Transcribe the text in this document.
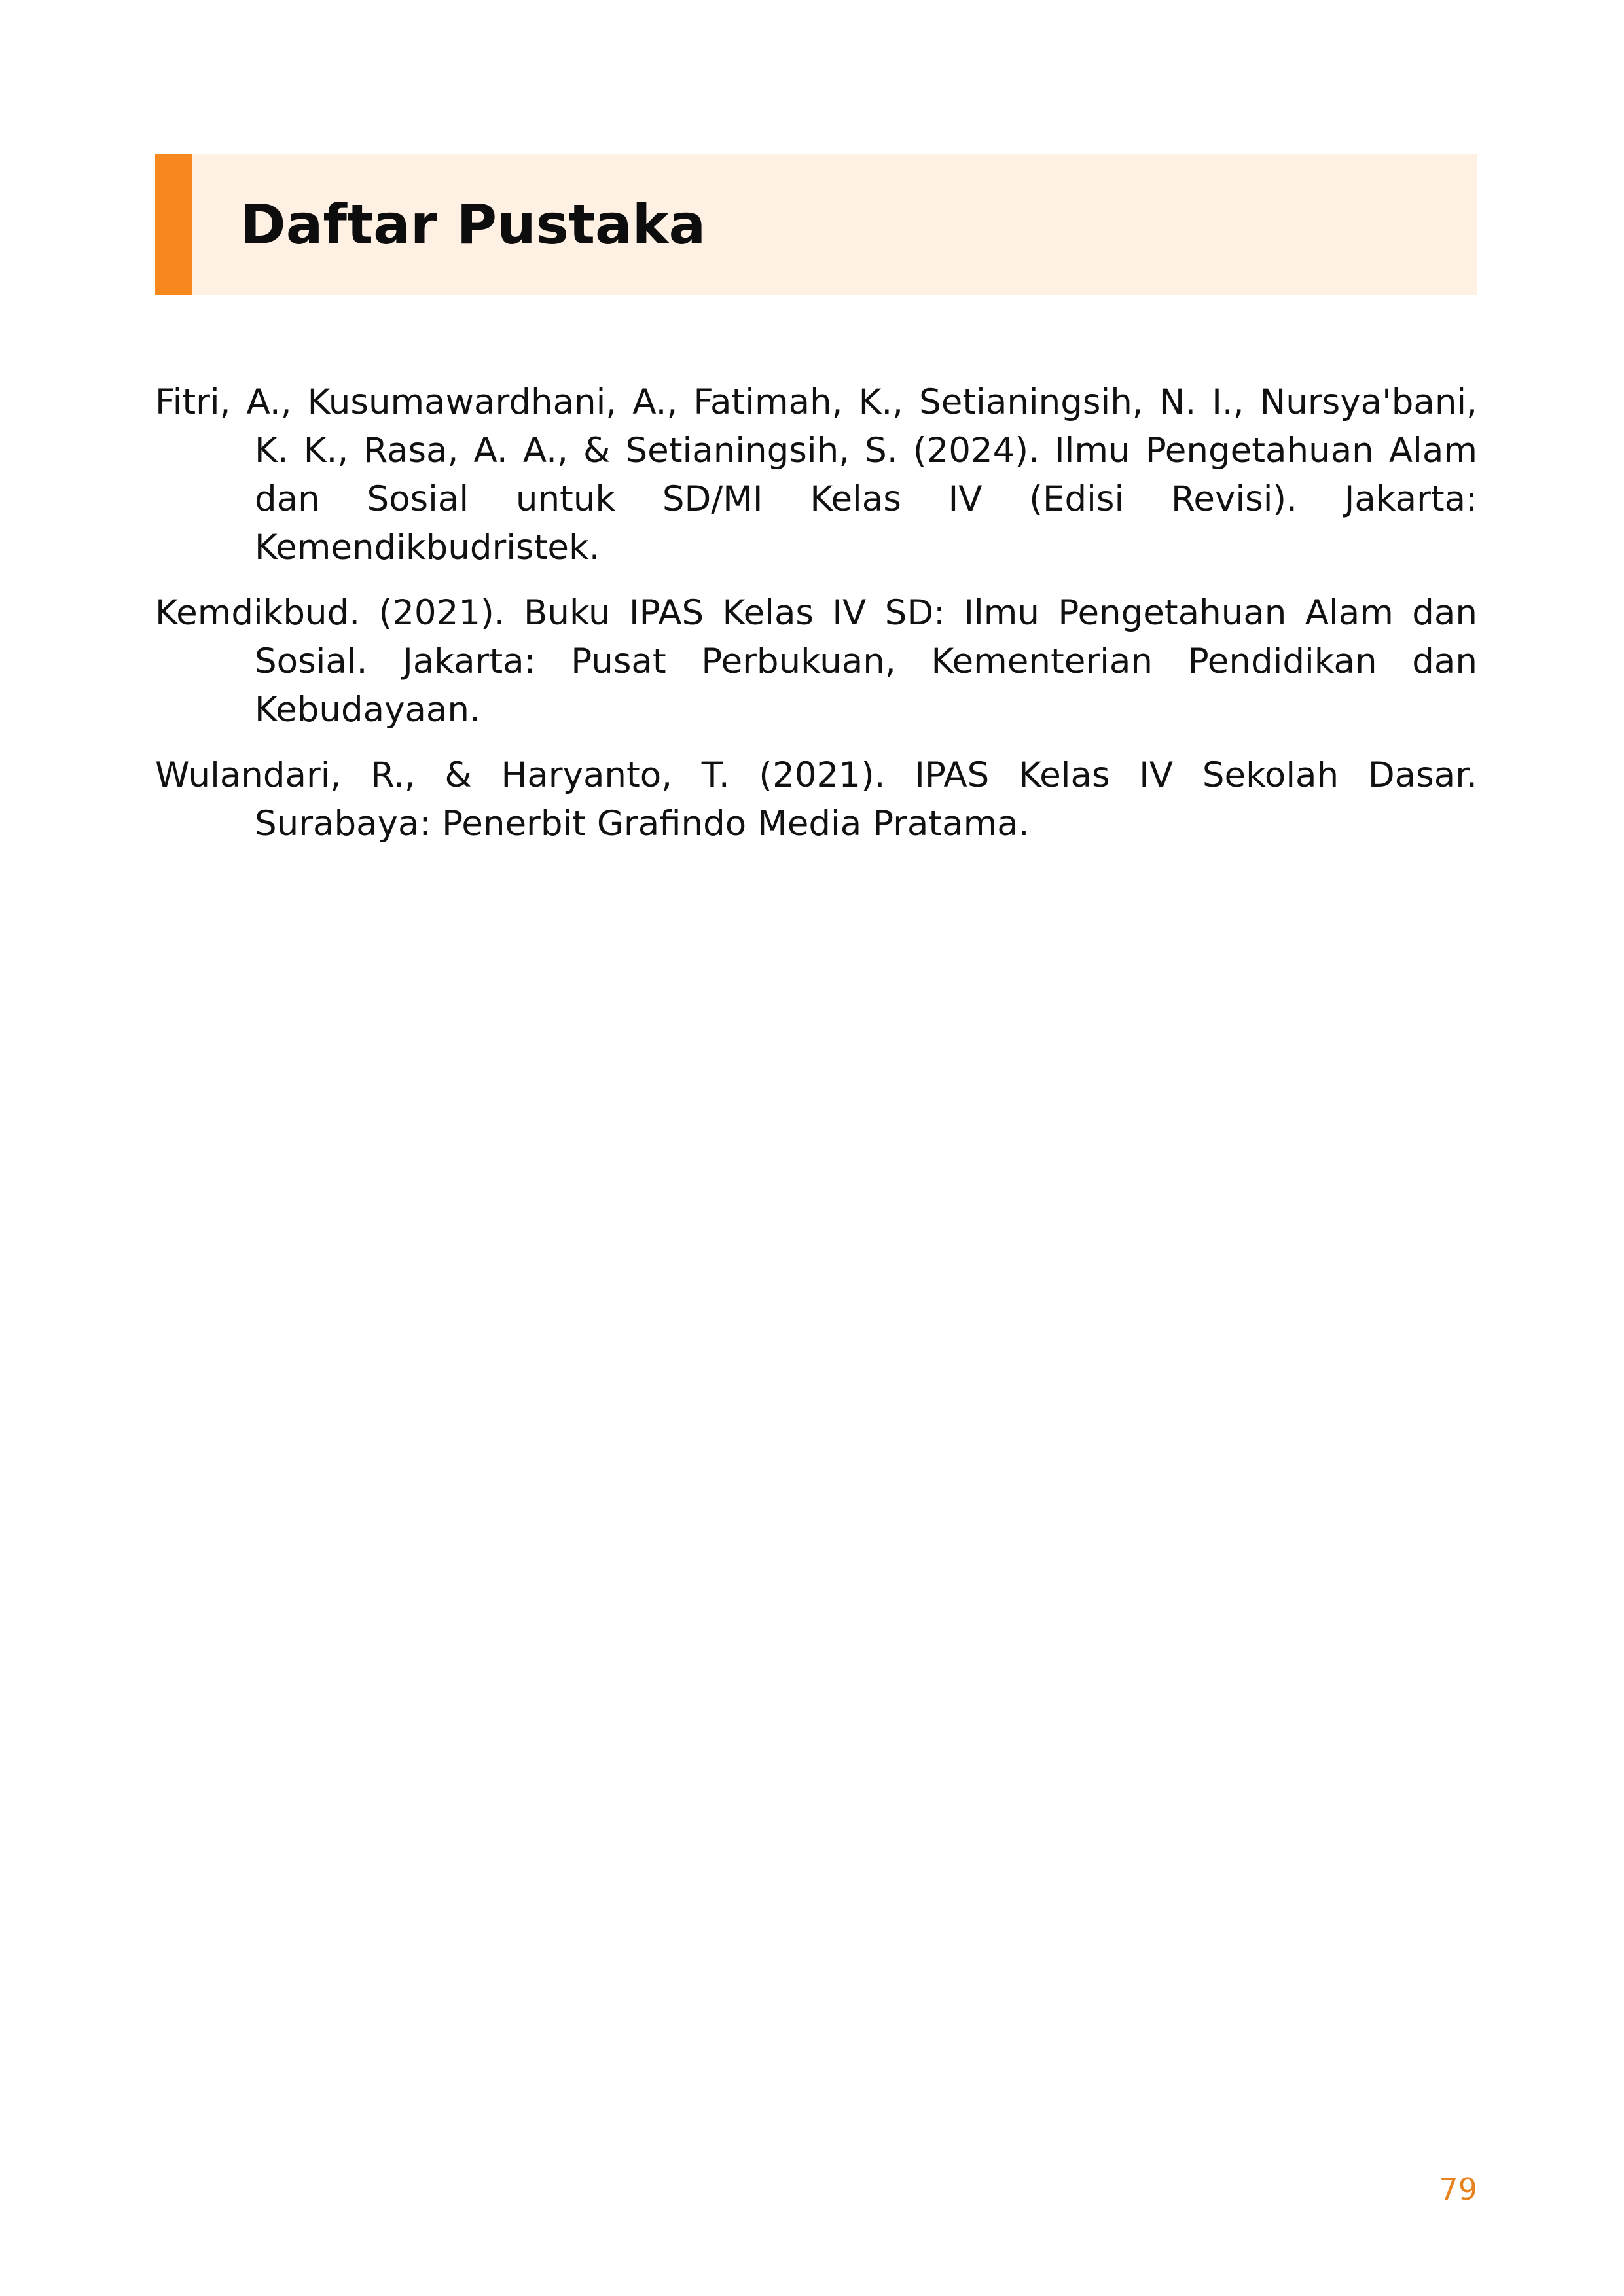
Daftar Pustaka
Fitri, A., Kusumawardhani, A., Fatimah, K., Setianingsih, N. I., Nursya'bani, K. K., Rasa, A. A., & Setianingsih, S. (2024). Ilmu Pengetahuan Alam dan Sosial untuk SD/MI Kelas IV (Edisi Revisi). Jakarta: Kemendikbudristek.
Kemdikbud. (2021). Buku IPAS Kelas IV SD: Ilmu Pengetahuan Alam dan Sosial. Jakarta: Pusat Perbukuan, Kementerian Pendidikan dan Kebudayaan.
Wulandari, R., & Haryanto, T. (2021). IPAS Kelas IV Sekolah Dasar. Surabaya: Penerbit Grafindo Media Pratama.
79
